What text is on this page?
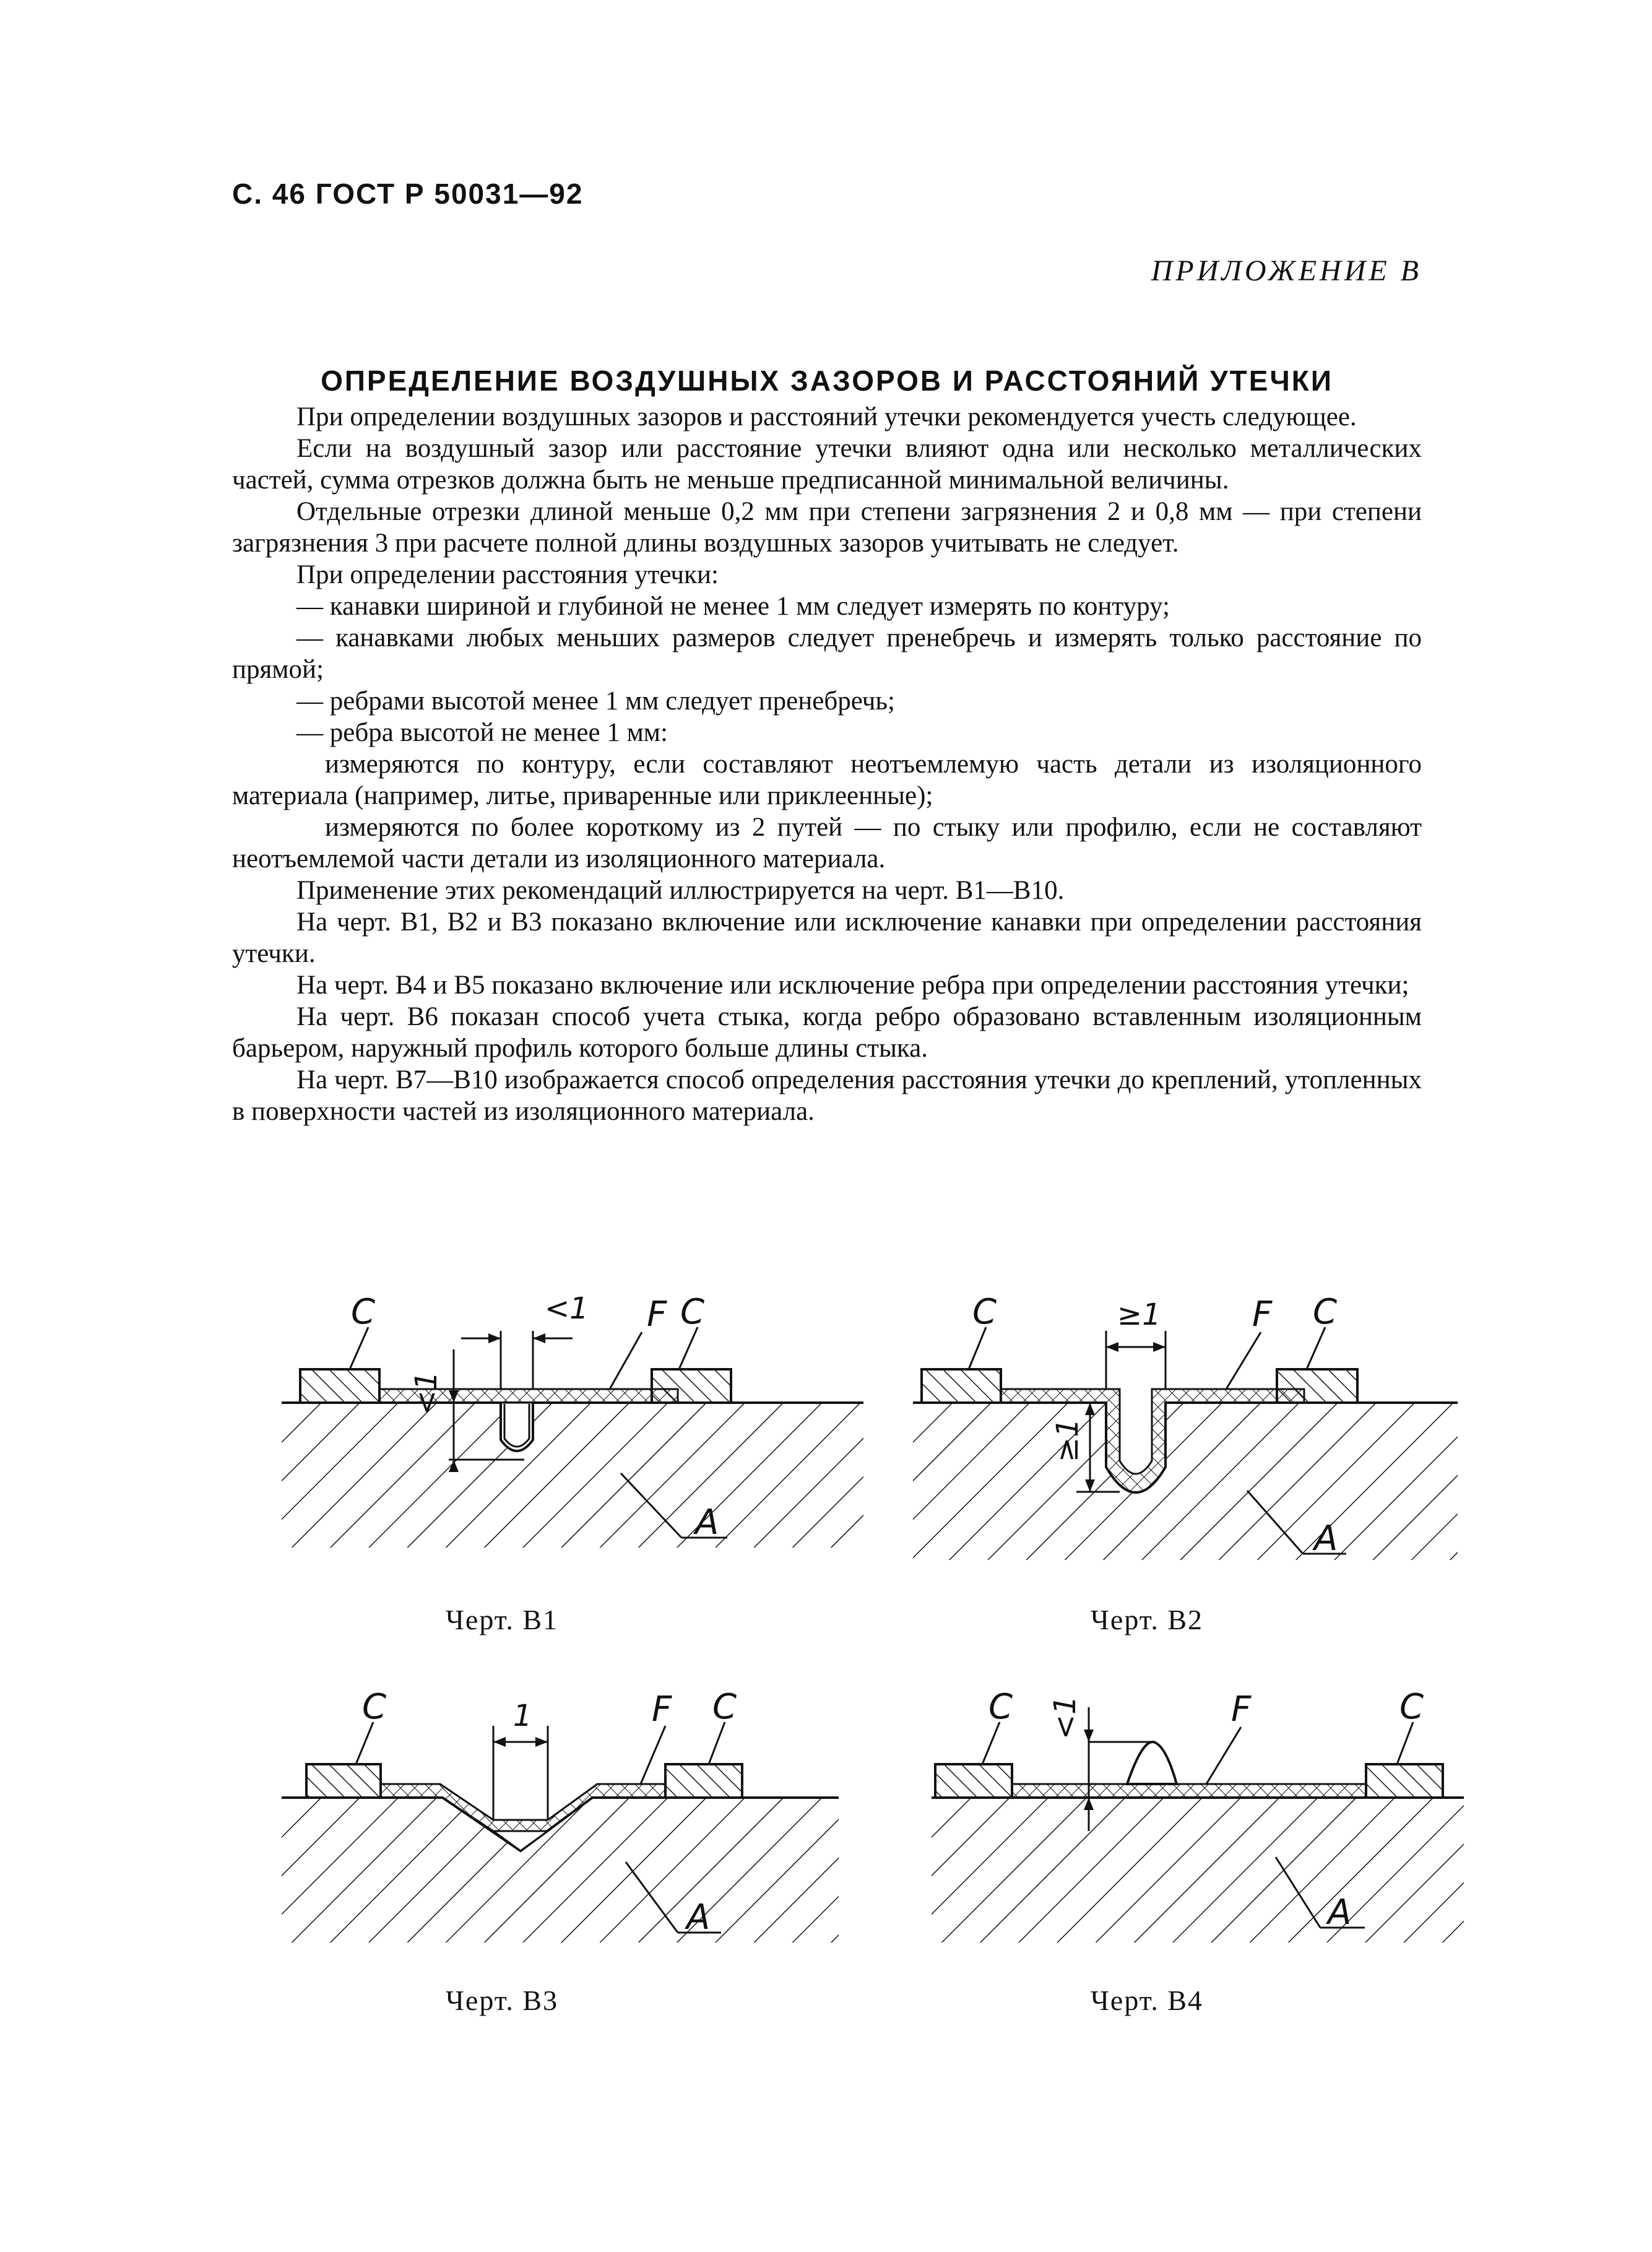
С. 46 ГОСТ Р 50031—92
ПРИЛОЖЕНИЕ В
ОПРЕДЕЛЕНИЕ ВОЗДУШНЫХ ЗАЗОРОВ И РАССТОЯНИЙ УТЕЧКИ

При определении воздушных зазоров и расстояний утечки рекомендуется учесть следующее.

Если на воздушный зазор или расстояние утечки влияют одна или несколько металлических частей, сумма отрезков должна быть не меньше предписанной минимальной величины.

Отдельные отрезки длиной меньше 0,2 мм при степени загрязнения 2 и 0,8 мм — при степени загрязнения 3 при расчете полной длины воздушных зазоров учитывать не следует.

При определении расстояния утечки:

— канавки шириной и глубиной не менее 1 мм следует измерять по контуру;

— канавками любых меньших размеров следует пренебречь и измерять только расстояние по прямой;

— ребрами высотой менее 1 мм следует пренебречь;

— ребра высотой не менее 1 мм:

измеряются по контуру, если составляют неотъемлемую часть детали из изоляционного материала (например, литье, приваренные или приклеенные);

измеряются по более короткому из 2 путей — по стыку или профилю, если не составляют неотъемлемой части детали из изоляционного материала.

Применение этих рекомендаций иллюстрируется на черт. В1—В10.

На черт. В1, В2 и В3 показано включение или исключение канавки при определении расстояния утечки.

На черт. В4 и В5 показано включение или исключение ребра при определении расстояния утечки;

На черт. В6 показан способ учета стыка, когда ребро образовано вставленным изоляционным барьером, наружный профиль которого больше длины стыка.

На черт. В7—В10 изображается способ определения расстояния утечки до креплений, утопленных в поверхности частей из изоляционного материала.

C	C
F
A
<1
<1
Черт. В1
C	C
F
A
≥1
≥1
Черт. В2
C	C
F
A
1
Черт. В3
C	C
F
A
<1
Черт. В4
